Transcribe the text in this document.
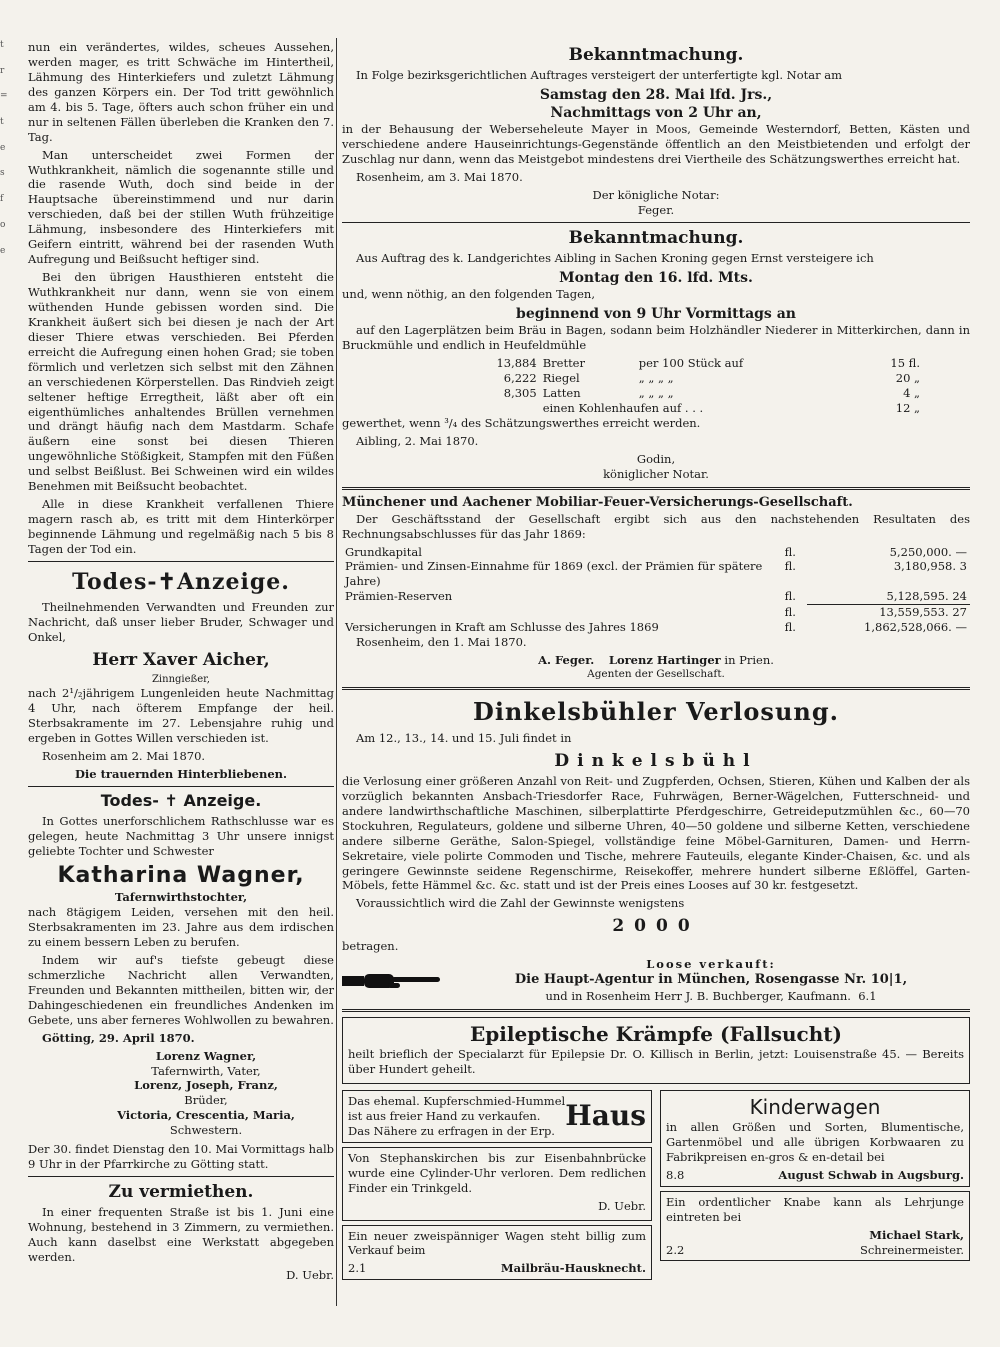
t
r
=
t
e
s
f
o
e

nun ein verändertes, wildes, scheues Aussehen, werden mager, es tritt Schwäche im Hintertheil, Lähmung des Hinterkiefers und zuletzt Lähmung des ganzen Körpers ein. Der Tod tritt gewöhnlich am 4. bis 5. Tage, öfters auch schon früher ein und nur in seltenen Fällen überleben die Kranken den 7. Tag.

Man unterscheidet zwei Formen der Wuthkrankheit, nämlich die sogenannte stille und die rasende Wuth, doch sind beide in der Hauptsache übereinstimmend und nur darin verschieden, daß bei der stillen Wuth frühzeitige Lähmung, insbesondere des Hinterkiefers mit Geifern eintritt, während bei der rasenden Wuth Aufregung und Beißsucht heftiger sind.

Bei den übrigen Hausthieren entsteht die Wuthkrankheit nur dann, wenn sie von einem wüthenden Hunde gebissen worden sind. Die Krankheit äußert sich bei diesen je nach der Art dieser Thiere etwas verschieden. Bei Pferden erreicht die Aufregung einen hohen Grad; sie toben förmlich und verletzen sich selbst mit den Zähnen an verschiedenen Körperstellen. Das Rindvieh zeigt seltener heftige Erregtheit, läßt aber oft ein eigenthümliches anhaltendes Brüllen vernehmen und drängt häufig nach dem Mastdarm. Schafe äußern eine sonst bei diesen Thieren ungewöhnliche Stößigkeit, Stampfen mit den Füßen und selbst Beißlust. Bei Schweinen wird ein wildes Benehmen mit Beißsucht beobachtet.

Alle in diese Krankheit verfallenen Thiere magern rasch ab, es tritt mit dem Hinterkörper beginnende Lähmung und regelmäßig nach 5 bis 8 Tagen der Tod ein.

Todes-✝Anzeige.

Theilnehmenden Verwandten und Freunden zur Nachricht, daß unser lieber Bruder, Schwager und Onkel,

Herr Xaver Aicher,
Zinngießer,

nach 2¹/₂jährigem Lungenleiden heute Nachmittag 4 Uhr, nach öfterem Empfange der heil. Sterbsakramente im 27. Lebensjahre ruhig und ergeben in Gottes Willen verschieden ist.

Rosenheim am 2. Mai 1870.

Die trauernden Hinterbliebenen.

Todes- ✝ Anzeige.

In Gottes unerforschlichem Rathschlusse war es gelegen, heute Nachmittag 3 Uhr unsere innigst geliebte Tochter und Schwester

Katharina Wagner,
Tafernwirthstochter,

nach 8tägigem Leiden, versehen mit den heil. Sterbsakramenten im 23. Jahre aus dem irdischen zu einem bessern Leben zu berufen.

Indem wir auf's tiefste gebeugt diese schmerzliche Nachricht allen Verwandten, Freunden und Bekannten mittheilen, bitten wir, der Dahingeschiedenen ein freundliches Andenken im Gebete, uns aber ferneres Wohlwollen zu bewahren.

Götting, 29. April 1870.

Lorenz Wagner,
Tafernwirth, Vater,
Lorenz, Joseph, Franz,
Brüder,
Victoria, Crescentia, Maria,
Schwestern.

Der 30. findet Dienstag den 10. Mai Vormittags halb 9 Uhr in der Pfarrkirche zu Götting statt.

Zu vermiethen.

In einer frequenten Straße ist bis 1. Juni eine Wohnung, bestehend in 3 Zimmern, zu vermiethen. Auch kann daselbst eine Werkstatt abgegeben werden.

D. Uebr.

Bekanntmachung.

In Folge bezirksgerichtlichen Auftrages versteigert der unterfertigte kgl. Notar am

Samstag den 28. Mai lfd. Jrs.,
Nachmittags von 2 Uhr an,

in der Behausung der Weberseheleute Mayer in Moos, Gemeinde Westerndorf, Betten, Kästen und verschiedene andere Hauseinrichtungs-Gegenstände öffentlich an den Meistbietenden und erfolgt der Zuschlag nur dann, wenn das Meistgebot mindestens drei Viertheile des Schätzungswerthes erreicht hat.

Rosenheim, am 3. Mai 1870.

Der königliche Notar:
Feger.
Bekanntmachung.

Aus Auftrag des k. Landgerichtes Aibling in Sachen Kroning gegen Ernst versteigere ich

Montag den 16. lfd. Mts.

und, wenn nöthig, an den folgenden Tagen,

beginnend von 9 Uhr Vormittags an

auf den Lagerplätzen beim Bräu in Bagen, sodann beim Holzhändler Niederer in Mitterkirchen, dann in Bruckmühle und endlich in Heufeldmühle

13,884	Bretter	per 100 Stück auf	15 fl.
6,222	Riegel	„ „ „ „	20 „
8,305	Latten	„ „ „ „	4 „
	einen Kohlenhaufen auf . . .		12 „

gewerthet, wenn ³/₄ des Schätzungswerthes erreicht werden.

Aibling, 2. Mai 1870.

Godin,
königlicher Notar.
Münchener und Aachener Mobiliar-Feuer-Versicherungs-Gesellschaft.

Der Geschäftsstand der Gesellschaft ergibt sich aus den nachstehenden Resultaten des Rechnungsabschlusses für das Jahr 1869:

Grundkapital	fl.	5,250,000. —
Prämien- und Zinsen-Einnahme für 1869 (excl. der Prämien für spätere Jahre)	fl.	3,180,958. 3
Prämien-Reserven	fl.	5,128,595. 24
	fl.	13,559,553. 27
Versicherungen in Kraft am Schlusse des Jahres 1869	fl.	1,862,528,066. —

Rosenheim, den 1. Mai 1870.

A. Feger. Lorenz Hartinger in Prien.
Agenten der Gesellschaft.
Dinkelsbühler Verlosung.

Am 12., 13., 14. und 15. Juli findet in

Dinkelsbühl

die Verlosung einer größeren Anzahl von Reit- und Zugpferden, Ochsen, Stieren, Kühen und Kalben der als vorzüglich bekannten Ansbach-Triesdorfer Race, Fuhrwägen, Berner-Wägelchen, Futterschneid- und andere landwirthschaftliche Maschinen, silberplattirte Pferdgeschirre, Getreideputzmühlen &c., 60—70 Stockuhren, Regulateurs, goldene und silberne Uhren, 40—50 goldene und silberne Ketten, verschiedene andere silberne Geräthe, Salon-Spiegel, vollständige feine Möbel-Garnituren, Damen- und Herrn-Sekretaire, viele polirte Commoden und Tische, mehrere Fauteuils, elegante Kinder-Chaisen, &c. und als geringere Gewinnste seidene Regenschirme, Reisekoffer, mehrere hundert silberne Eßlöffel, Garten-Möbels, fette Hämmel &c. &c. statt und ist der Preis eines Looses auf 30 kr. festgesetzt.

Voraussichtlich wird die Zahl der Gewinnste wenigstens

2000

betragen.

Loose verkauft:
Die Haupt-Agentur in München, Rosengasse Nr. 10|1,
und in Rosenheim Herr J. B. Buchberger, Kaufmann. 6.1
Epileptische Krämpfe (Fallsucht)

heilt brieflich der Specialarzt für Epilepsie Dr. O. Killisch in Berlin, jetzt: Louisenstraße 45. — Bereits über Hundert geheilt.

Das ehemal. Kupferschmied-Hummel
ist aus freier Hand zu verkaufen.
Das Nähere zu erfragen in der Erp. Haus

Von Stephanskirchen bis zur Eisenbahnbrücke wurde eine Cylinder-Uhr verloren. Dem redlichen Finder ein Trinkgeld.

D. Uebr.

Ein neuer zweispänniger Wagen steht billig zum Verkauf beim

2.1	Mailbräu-Hausknecht.
Kinderwagen

in allen Größen und Sorten, Blumentische, Gartenmöbel und alle übrigen Korbwaaren zu Fabrikpreisen en-gros & en-detail bei

8.8	August Schwab in Augsburg.

Ein ordentlicher Knabe kann als Lehrjunge eintreten bei

Michael Stark,
2.2	Schreinermeister.
